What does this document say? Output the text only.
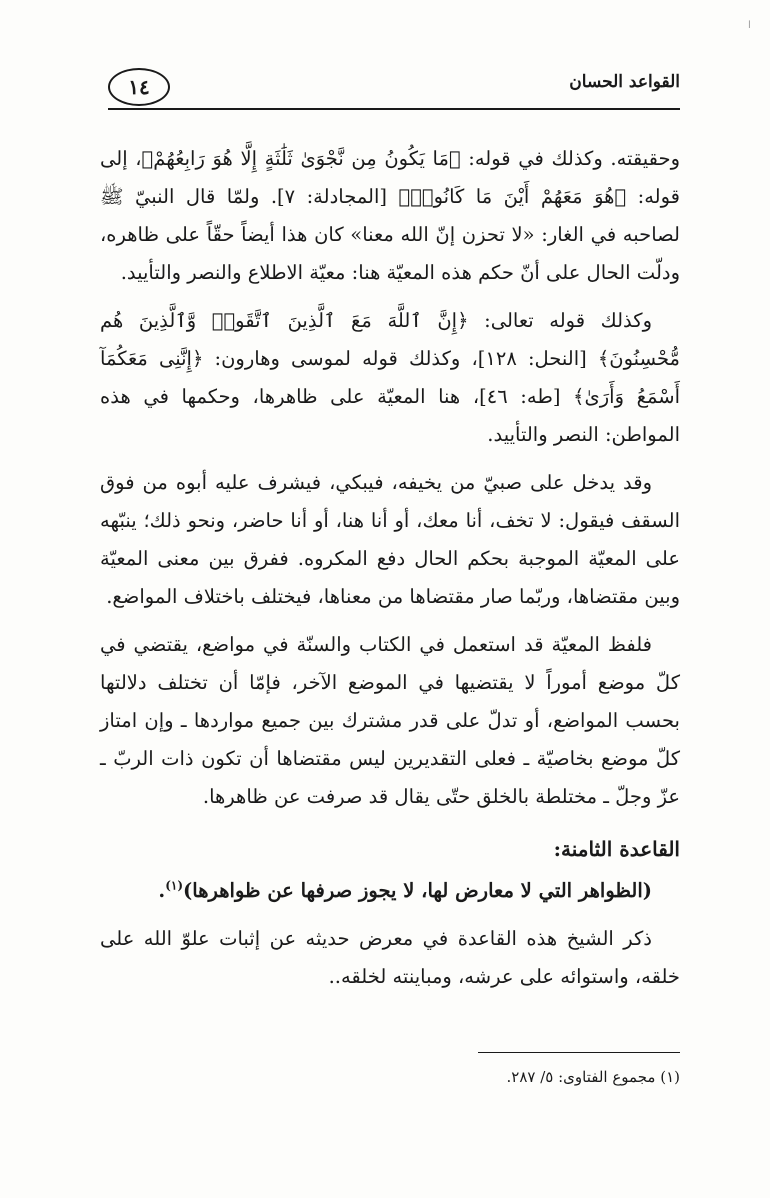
ا
القواعد الحسان
١٤

وحقيقته. وكذلك في قوله: ﴿مَا يَكُونُ مِن نَّجْوَىٰ ثَلَٰثَةٍ إِلَّا هُوَ رَابِعُهُمْ﴾، إلى قوله: ﴿هُوَ مَعَهُمْ أَيْنَ مَا كَانُوا۟﴾ [المجادلة: ٧]. ولمّا قال النبيّ ﷺ لصاحبه في الغار: «لا تحزن إنّ الله معنا» كان هذا أيضاً حقّاً على ظاهره، ودلّت الحال على أنّ حكم هذه المعيّة هنا: معيّة الاطلاع والنصر والتأييد.

وكذلك قوله تعالى: ﴿إِنَّ ٱللَّهَ مَعَ ٱلَّذِينَ ٱتَّقَوا۟ وَّٱلَّذِينَ هُم مُّحْسِنُونَ﴾ [النحل: ١٢٨]، وكذلك قوله لموسى وهارون: ﴿إِنَّنِى مَعَكُمَآ أَسْمَعُ وَأَرَىٰ﴾ [طه: ٤٦]، هنا المعيّة على ظاهرها، وحكمها في هذه المواطن: النصر والتأييد.

وقد يدخل على صبيّ من يخيفه، فيبكي، فيشرف عليه أبوه من فوق السقف فيقول: لا تخف، أنا معك، أو أنا هنا، أو أنا حاضر، ونحو ذلك؛ ينبّهه على المعيّة الموجبة بحكم الحال دفع المكروه. ففرق بين معنى المعيّة وبين مقتضاها، وربّما صار مقتضاها من معناها، فيختلف باختلاف المواضع.

فلفظ المعيّة قد استعمل في الكتاب والسنّة في مواضع، يقتضي في كلّ موضع أموراً لا يقتضيها في الموضع الآخر، فإمّا أن تختلف دلالتها بحسب المواضع، أو تدلّ على قدر مشترك بين جميع مواردها ـ وإن امتاز كلّ موضع بخاصيّة ـ فعلى التقديرين ليس مقتضاها أن تكون ذات الربّ ـ عزّ وجلّ ـ مختلطة بالخلق حتّى يقال قد صرفت عن ظاهرها.

القاعدة الثامنة:

(الظواهر التي لا معارض لها، لا يجوز صرفها عن ظواهرها)$^{(١)}$.

ذكر الشيخ هذه القاعدة في معرض حديثه عن إثبات علوّ الله على خلقه، واستوائه على عرشه، ومباينته لخلقه..

(١) مجموع الفتاوى: ٥/ ٢٨٧.
